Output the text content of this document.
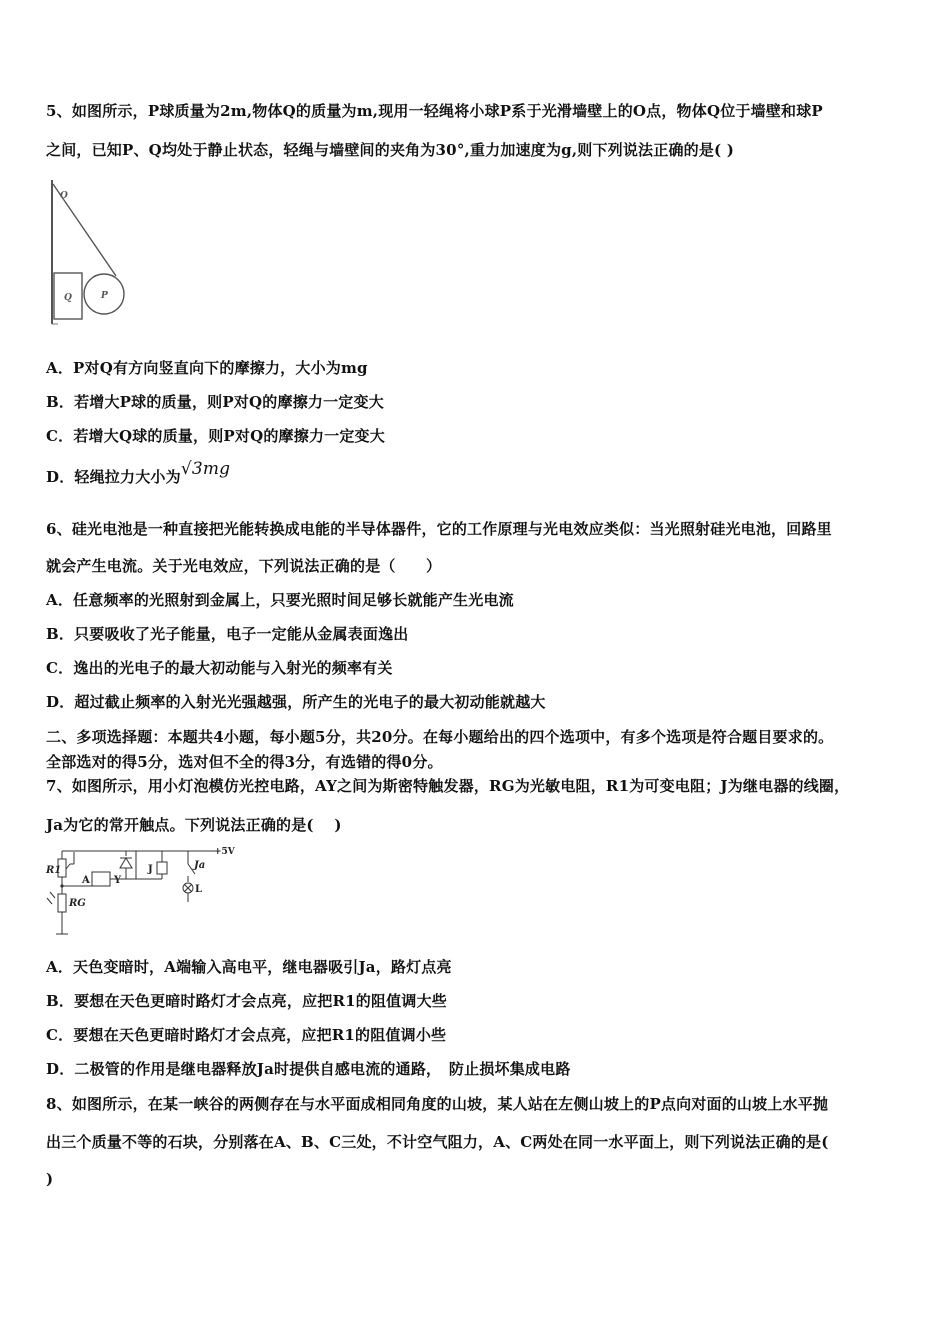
5、如图所示，P球质量为2m,物体Q的质量为m,现用一轻绳将小球P系于光滑墙壁上的O点，物体Q位于墙壁和球P
之间，已知P、Q均处于静止状态，轻绳与墙壁间的夹角为30°,重力加速度为g,则下列说法正确的是( )
O
Q	P
A．P对Q有方向竖直向下的摩擦力，大小为mg
B．若增大P球的质量，则P对Q的摩擦力一定变大
C．若增大Q球的质量，则P对Q的摩擦力一定变大
D．轻绳拉力大小为√3mg
6、硅光电池是一种直接把光能转换成电能的半导体器件，它的工作原理与光电效应类似：当光照射硅光电池，回路里
就会产生电流。关于光电效应，下列说法正确的是（　　）
A．任意频率的光照射到金属上，只要光照时间足够长就能产生光电流
B．只要吸收了光子能量，电子一定能从金属表面逸出
C．逸出的光电子的最大初动能与入射光的频率有关
D．超过截止频率的入射光光强越强，所产生的光电子的最大初动能就越大
二、多项选择题：本题共4小题，每小题5分，共20分。在每小题给出的四个选项中，有多个选项是符合题目要求的。
全部选对的得5分，选对但不全的得3分，有选错的得0分。
7、如图所示，用小灯泡模仿光控电路，AY之间为斯密特触发器，RG为光敏电阻，R1为可变电阻；J为继电器的线圈，
Ja为它的常开触点。下列说法正确的是(　 )
+5V
R1
A Y
J	Ja
L
RG
A．天色变暗时，A端输入高电平，继电器吸引Ja，路灯点亮
B．要想在天色更暗时路灯才会点亮，应把R1的阻值调大些
C．要想在天色更暗时路灯才会点亮，应把R1的阻值调小些
D．二极管的作用是继电器释放Ja时提供自感电流的通路，　防止损坏集成电路
8、如图所示，在某一峡谷的两侧存在与水平面成相同角度的山坡，某人站在左侧山坡上的P点向对面的山坡上水平抛
出三个质量不等的石块，分别落在A、B、C三处，不计空气阻力，A、C两处在同一水平面上，则下列说法正确的是(
)
